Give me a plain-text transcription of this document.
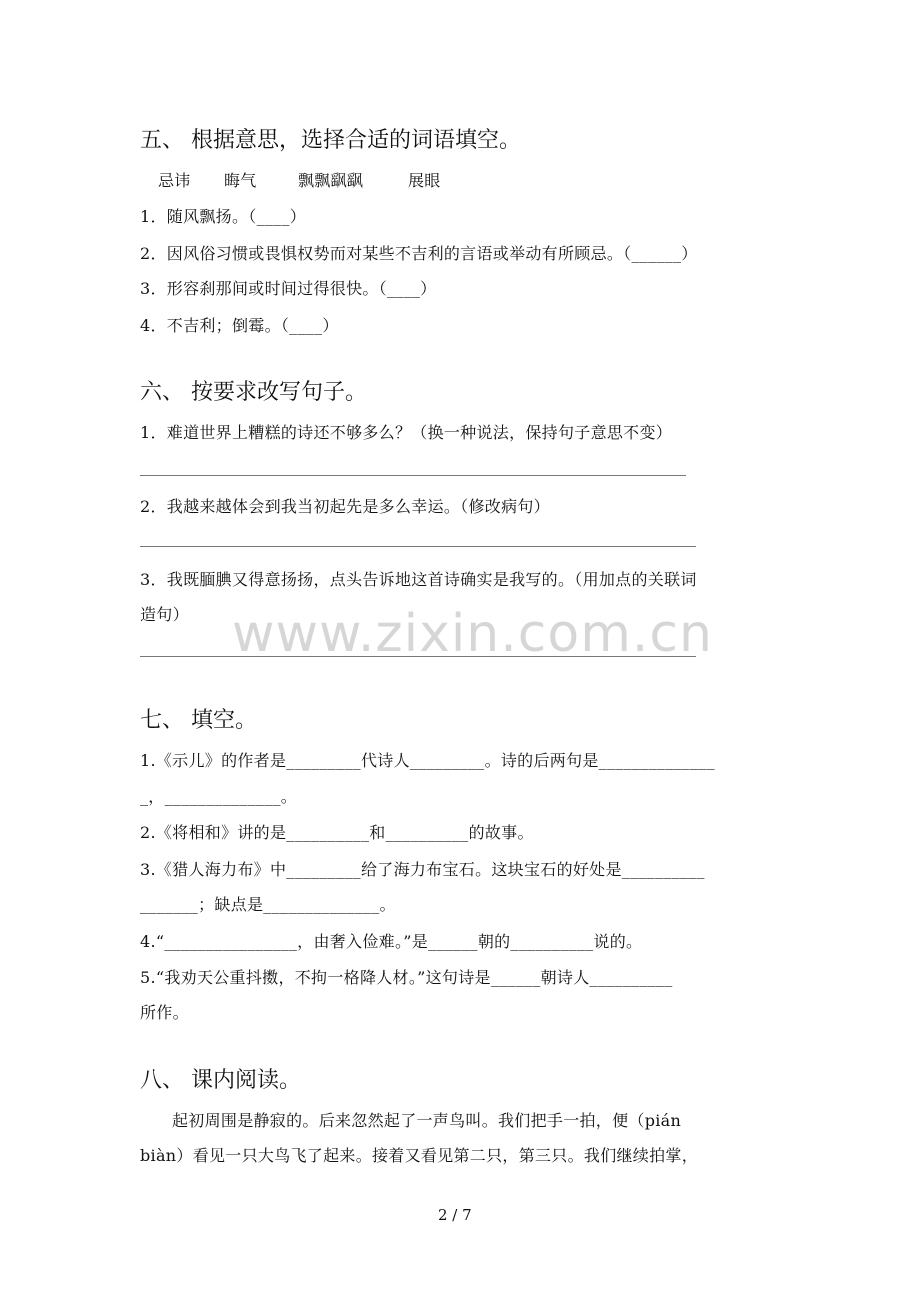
五、 根据意思，选择合适的词语填空。
忌讳 晦气	飘飘飖飖	展眼
1．随风飘扬。（____）
2．因风俗习惯或畏惧权势而对某些不吉利的言语或举动有所顾忌。（______）
3．形容刹那间或时间过得很快。（____）
4．不吉利；倒霉。（____）
六、 按要求改写句子。
1．难道世界上糟糕的诗还不够多么？（换一种说法，保持句子意思不变）
2．我越来越体会到我当初起先是多么幸运。（修改病句）
3．我既腼腆又得意扬扬，点头告诉地这首诗确实是我写的。（用加点的关联词
造句）
七、 填空。
1.《示儿》的作者是_________代诗人_________。诗的后两句是______________
_，______________。
2.《将相和》讲的是__________和__________的故事。
3.《猎人海力布》中_________给了海力布宝石。这块宝石的好处是__________
_______；缺点是______________。
4.“________________，由奢入俭难。”是______朝的__________说的。
5.“我劝天公重抖擞，不拘一格降人材。”这句诗是______朝诗人__________
所作。
八、 课内阅读。
起初周围是静寂的。后来忽然起了一声鸟叫。我们把手一拍，便（pián
biàn）看见一只大鸟飞了起来。接着又看见第二只，第三只。我们继续拍掌，
www.zixin.com.cn
2 / 7
